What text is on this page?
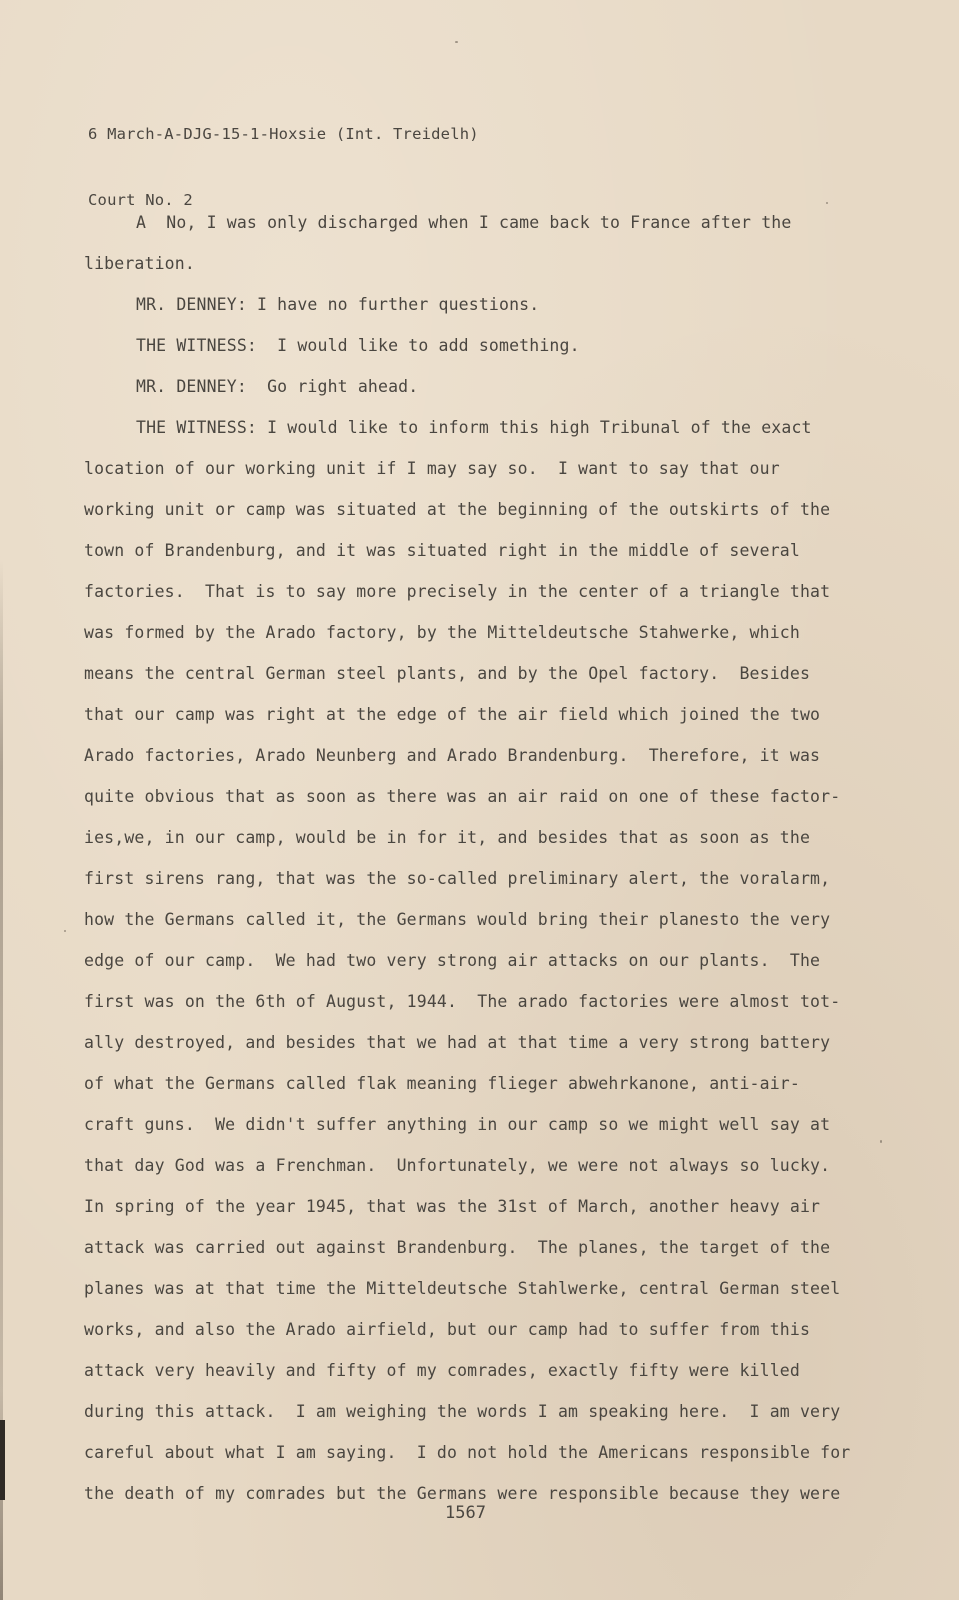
6 March-A-DJG-15-1-Hoxsie (Int. Treidelh)

Court No. 2

A  No, I was only discharged when I came back to France after the
liberation.
MR. DENNEY: I have no further questions.
THE WITNESS:  I would like to add something.
MR. DENNEY:  Go right ahead.
THE WITNESS: I would like to inform this high Tribunal of the exact
location of our working unit if I may say so.  I want to say that our
working unit or camp was situated at the beginning of the outskirts of the
town of Brandenburg, and it was situated right in the middle of several
factories.  That is to say more precisely in the center of a triangle that
was formed by the Arado factory, by the Mitteldeutsche Stahwerke, which
means the central German steel plants, and by the Opel factory.  Besides
that our camp was right at the edge of the air field which joined the two
Arado factories, Arado Neunberg and Arado Brandenburg.  Therefore, it was
quite obvious that as soon as there was an air raid on one of these factor-
ies,we, in our camp, would be in for it, and besides that as soon as the
first sirens rang, that was the so-called preliminary alert, the voralarm,
how the Germans called it, the Germans would bring their planesto the very
edge of our camp.  We had two very strong air attacks on our plants.  The
first was on the 6th of August, 1944.  The arado factories were almost tot-
ally destroyed, and besides that we had at that time a very strong battery
of what the Germans called flak meaning flieger abwehrkanone, anti-air-
craft guns.  We didn't suffer anything in our camp so we might well say at
that day God was a Frenchman.  Unfortunately, we were not always so lucky.
In spring of the year 1945, that was the 31st of March, another heavy air
attack was carried out against Brandenburg.  The planes, the target of the
planes was at that time the Mitteldeutsche Stahlwerke, central German steel
works, and also the Arado airfield, but our camp had to suffer from this
attack very heavily and fifty of my comrades, exactly fifty were killed
during this attack.  I am weighing the words I am speaking here.  I am very
careful about what I am saying.  I do not hold the Americans responsible for
the death of my comrades but the Germans were responsible because they were
1567
